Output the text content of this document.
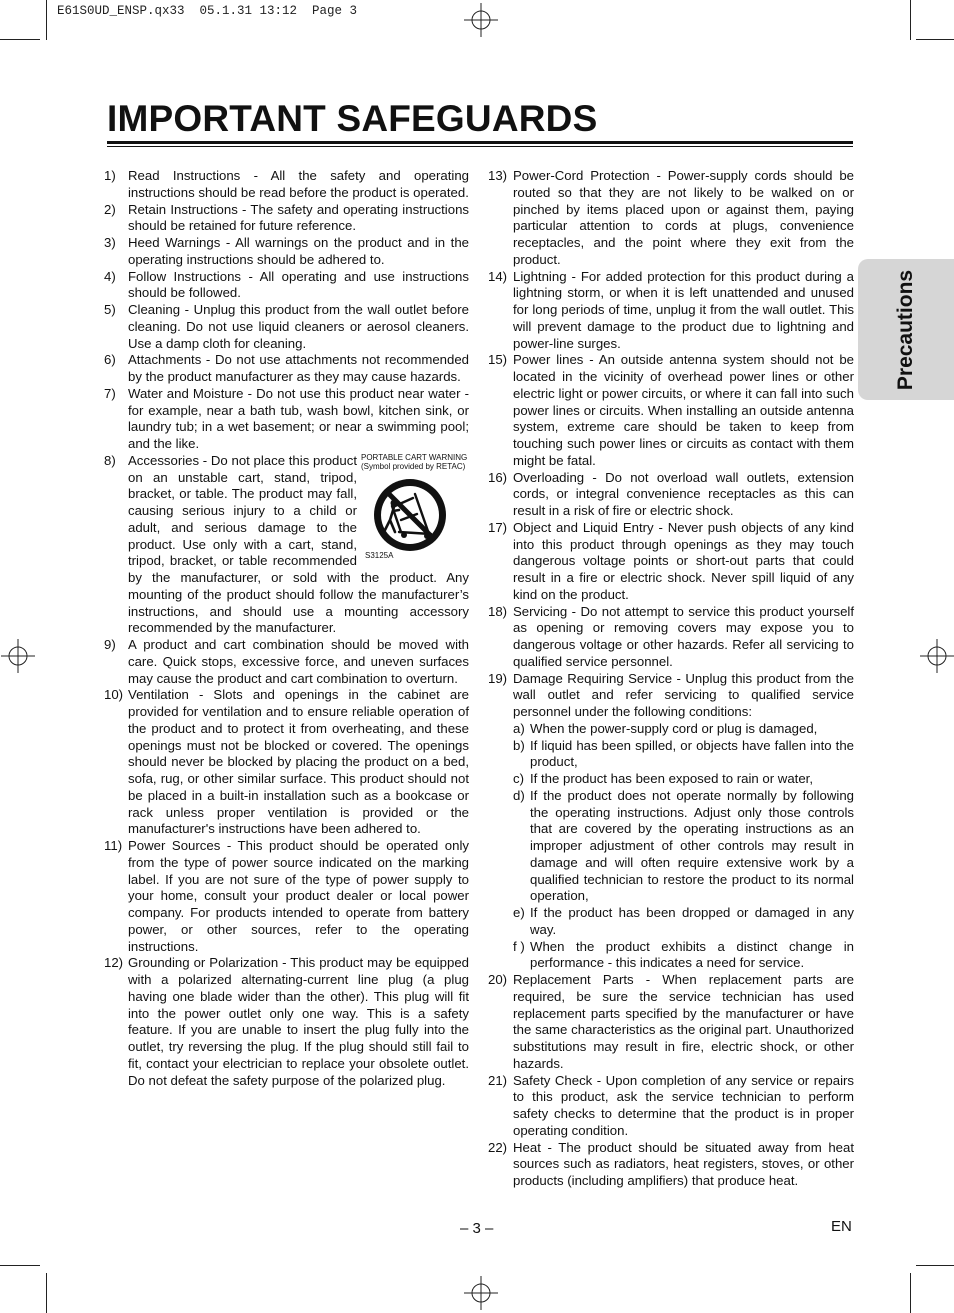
E61S0UD_ENSP.qx33  05.1.31 13:12  Page 3
IMPORTANT SAFEGUARDS
Precautions
1) Read Instructions - All the safety and operating instructions should be read before the product is operated.
2) Retain Instructions - The safety and operating instructions should be retained for future reference.
3) Heed Warnings - All warnings on the product and in the operating instructions should be adhered to.
4) Follow Instructions - All operating and use instructions should be followed.
5) Cleaning - Unplug this product from the wall outlet before cleaning. Do not use liquid cleaners or aerosol cleaners. Use a damp cloth for cleaning.
6) Attachments - Do not use attachments not recommended by the product manufacturer as they may cause hazards.
7) Water and Moisture - Do not use this product near water - for example, near a bath tub, wash bowl, kitchen sink, or laundry tub; in a wet basement; or near a swimming pool; and the like.
8)	PORTABLE CART WARNING
(Symbol provided by RETAC)
S3125A
Accessories - Do not place this product on an unstable cart, stand, tripod, bracket, or table. The product may fall, causing serious injury to a child or adult, and serious damage to the product. Use only with a cart, stand, tripod, bracket, or table recommended by the manufacturer, or sold with the product. Any mounting of the product should follow the manufacturer’s instructions, and should use a mounting accessory recommended by the manufacturer.
9) A product and cart combination should be moved with care. Quick stops, excessive force, and uneven surfaces may cause the product and cart combination to overturn.
10) Ventilation - Slots and openings in the cabinet are provided for ventilation and to ensure reliable operation of the product and to protect it from overheating, and these openings must not be blocked or covered. The openings should never be blocked by placing the product on a bed, sofa, rug, or other similar surface. This product should not be placed in a built-in installation such as a bookcase or rack unless proper ventilation is provided or the manufacturer's instructions have been adhered to.
11) Power Sources - This product should be operated only from the type of power source indicated on the marking label. If you are not sure of the type of power supply to your home, consult your product dealer or local power company. For products intended to operate from battery power, or other sources, refer to the operating instructions.
12) Grounding or Polarization - This product may be equipped with a polarized alternating-current line plug (a plug having one blade wider than the other). This plug will fit into the power outlet only one way. This is a safety feature. If you are unable to insert the plug fully into the outlet, try reversing the plug. If the plug should still fail to fit, contact your electrician to replace your obsolete outlet. Do not defeat the safety purpose of the polarized plug.
13) Power-Cord Protection - Power-supply cords should be routed so that they are not likely to be walked on or pinched by items placed upon or against them, paying particular attention to cords at plugs, convenience receptacles, and the point where they exit from the product.
14) Lightning - For added protection for this product during a lightning storm, or when it is left unattended and unused for long periods of time, unplug it from the wall outlet. This will prevent damage to the product due to lightning and power-line surges.
15) Power lines - An outside antenna system should not be located in the vicinity of overhead power lines or other electric light or power circuits, or where it can fall into such power lines or circuits. When installing an outside antenna system, extreme care should be taken to keep from touching such power lines or circuits as contact with them might be fatal.
16) Overloading - Do not overload wall outlets, extension cords, or integral convenience receptacles as this can result in a risk of fire or electric shock.
17) Object and Liquid Entry - Never push objects of any kind into this product through openings as they may touch dangerous voltage points or short-out parts that could result in a fire or electric shock. Never spill liquid of any kind on the product.
18) Servicing - Do not attempt to service this product yourself as opening or removing covers may expose you to dangerous voltage or other hazards. Refer all servicing to qualified service personnel.
19) Damage Requiring Service - Unplug this product from the wall outlet and refer servicing to qualified service personnel under the following conditions:
a) When the power-supply cord or plug is damaged,
b) If liquid has been spilled, or objects have fallen into the product,
c) If the product has been exposed to rain or water,
d) If the product does not operate normally by following the operating instructions. Adjust only those controls that are covered by the operating instructions as an improper adjustment of other controls may result in damage and will often require extensive work by a qualified technician to restore the product to its normal operation,
e) If the product has been dropped or damaged in any way.
f ) When the product exhibits a distinct change in performance - this indicates a need for service.
20) Replacement Parts - When replacement parts are required, be sure the service technician has used replacement parts specified by the manufacturer or have the same characteristics as the original part. Unauthorized substitutions may result in fire, electric shock, or other hazards.
21) Safety Check - Upon completion of any service or repairs to this product, ask the service technician to perform safety checks to determine that the product is in proper operating condition.
22) Heat - The product should be situated away from heat sources such as radiators, heat registers, stoves, or other products (including amplifiers) that produce heat.
– 3 –	EN
